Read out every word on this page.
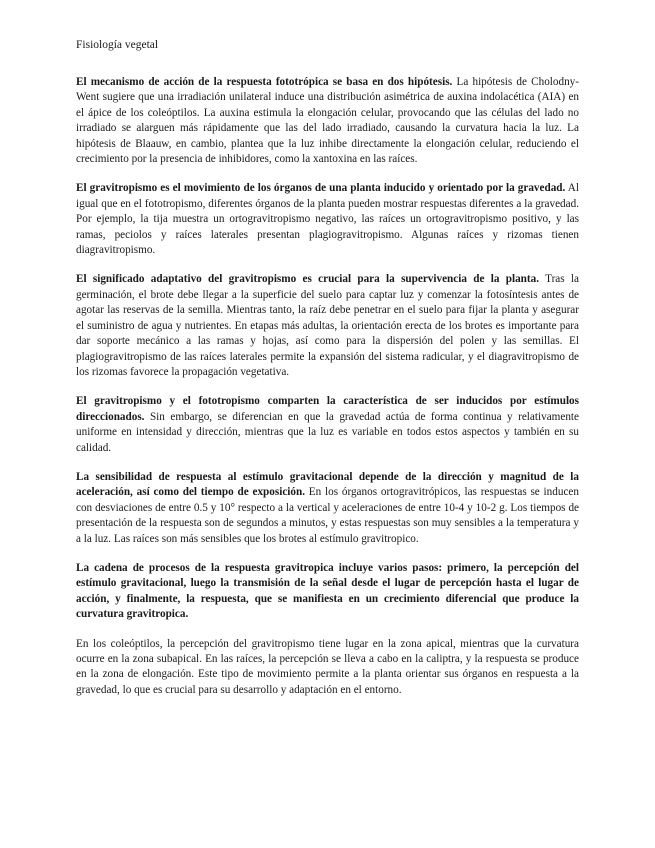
Fisiología vegetal

El mecanismo de acción de la respuesta fototrópica se basa en dos hipótesis. La hipótesis de Cholodny-Went sugiere que una irradiación unilateral induce una distribución asimétrica de auxina indolacética (AIA) en el ápice de los coleóptilos. La auxina estimula la elongación celular, provocando que las células del lado no irradiado se alarguen más rápidamente que las del lado irradiado, causando la curvatura hacia la luz. La hipótesis de Blaauw, en cambio, plantea que la luz inhibe directamente la elongación celular, reduciendo el crecimiento por la presencia de inhibidores, como la xantoxina en las raíces.

El gravitropismo es el movimiento de los órganos de una planta inducido y orientado por la gravedad. Al igual que en el fototropismo, diferentes órganos de la planta pueden mostrar respuestas diferentes a la gravedad. Por ejemplo, la tija muestra un ortogravitropismo negativo, las raíces un ortogravitropismo positivo, y las ramas, peciolos y raíces laterales presentan plagiogravitropismo. Algunas raíces y rizomas tienen diagravitropismo.

El significado adaptativo del gravitropismo es crucial para la supervivencia de la planta. Tras la germinación, el brote debe llegar a la superficie del suelo para captar luz y comenzar la fotosíntesis antes de agotar las reservas de la semilla. Mientras tanto, la raíz debe penetrar en el suelo para fijar la planta y asegurar el suministro de agua y nutrientes. En etapas más adultas, la orientación erecta de los brotes es importante para dar soporte mecánico a las ramas y hojas, así como para la dispersión del polen y las semillas. El plagiogravitropismo de las raíces laterales permite la expansión del sistema radicular, y el diagravitropismo de los rizomas favorece la propagación vegetativa.

El gravitropismo y el fototropismo comparten la característica de ser inducidos por estímulos direccionados. Sin embargo, se diferencian en que la gravedad actúa de forma continua y relativamente uniforme en intensidad y dirección, mientras que la luz es variable en todos estos aspectos y también en su calidad.

La sensibilidad de respuesta al estímulo gravitacional depende de la dirección y magnitud de la aceleración, así como del tiempo de exposición. En los órganos ortogravitrópicos, las respuestas se inducen con desviaciones de entre 0.5 y 10° respecto a la vertical y aceleraciones de entre 10-4 y 10-2 g. Los tiempos de presentación de la respuesta son de segundos a minutos, y estas respuestas son muy sensibles a la temperatura y a la luz. Las raíces son más sensibles que los brotes al estímulo gravitropico.

La cadena de procesos de la respuesta gravitropica incluye varios pasos: primero, la percepción del estímulo gravitacional, luego la transmisión de la señal desde el lugar de percepción hasta el lugar de acción, y finalmente, la respuesta, que se manifiesta en un crecimiento diferencial que produce la curvatura gravitropica.

En los coleóptilos, la percepción del gravitropismo tiene lugar en la zona apical, mientras que la curvatura ocurre en la zona subapical. En las raíces, la percepción se lleva a cabo en la caliptra, y la respuesta se produce en la zona de elongación. Este tipo de movimiento permite a la planta orientar sus órganos en respuesta a la gravedad, lo que es crucial para su desarrollo y adaptación en el entorno.
